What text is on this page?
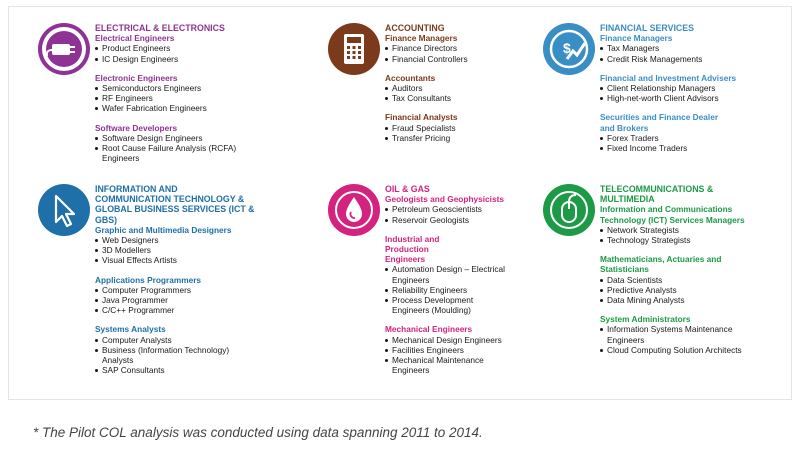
ELECTRICAL & ELECTRONICS
Electrical Engineers
Product Engineers
IC Design Engineers
Electronic Engineers
Semiconductors Engineers
RF Engineers
Wafer Fabrication Engineers
Software Developers
Software Design Engineers
Root Cause Failure Analysis (RCFA) Engineers
ACCOUNTING
Finance Managers
Finance Directors
Financial Controllers
Accountants
Auditors
Tax Consultants
Financial Analysts
Fraud Specialists
Transfer Pricing
$
FINANCIAL SERVICES
Finance Managers
Tax Managers
Credit Risk Managements
Financial and Investment Advisers
Client Relationship Managers
High-net-worth Client Advisors
Securities and Finance Dealer and Brokers
Forex Traders
Fixed Income Traders
INFORMATION AND COMMUNICATION TECHNOLOGY & GLOBAL BUSINESS SERVICES (ICT & GBS)
Graphic and Multimedia Designers
Web Designers
3D Modellers
Visual Effects Artists
Applications Programmers
Computer Programmers
Java Programmer
C/C++ Programmer
Systems Analysts
Computer Analysts
Business (Information Technology) Analysts
SAP Consultants
OIL & GAS
Geologists and Geophysicists
Petroleum Geoscientists
Reservoir Geologists
Industrial and Production Engineers
Automation Design – Electrical Engineers
Reliability Engineers
Process Development Engineers (Moulding)
Mechanical Engineers
Mechanical Design Engineers
Facilities Engineers
Mechanical Maintenance Engineers
TELECOMMUNICATIONS & MULTIMEDIA
Information and Communications Technology (ICT) Services Managers
Network Strategists
Technology Strategists
Mathematicians, Actuaries and Statisticians
Data Scientists
Predictive Analysts
Data Mining Analysts
System Administrators
Information Systems Maintenance Engineers
Cloud Computing Solution Architects
* The Pilot COL analysis was conducted using data spanning 2011 to 2014.
